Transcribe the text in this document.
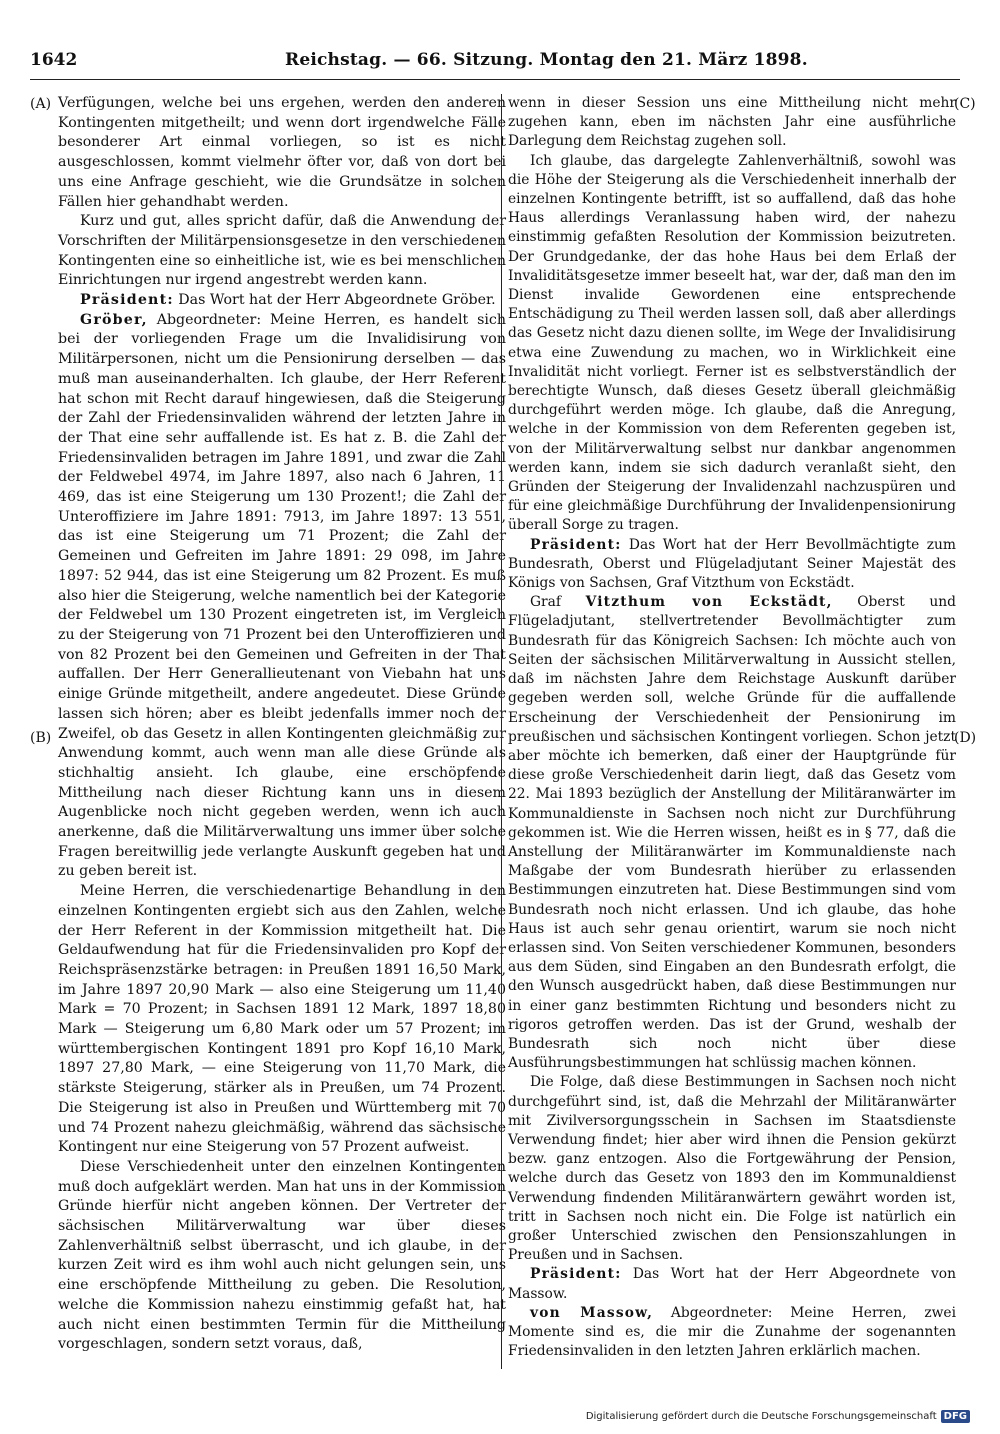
1642	Reichstag. — 66. Sitzung. Montag den 21. März 1898.
(A)
(B)
(C)
(D)

Verfügungen, welche bei uns ergehen, werden den anderen Kontingenten mitgetheilt; und wenn dort irgendwelche Fälle besonderer Art einmal vorliegen, so ist es nicht ausgeschlossen, kommt vielmehr öfter vor, daß von dort bei uns eine Anfrage geschieht, wie die Grundsätze in solchen Fällen hier gehandhabt werden.

Kurz und gut, alles spricht dafür, daß die Anwendung der Vorschriften der Militärpensionsgesetze in den verschiedenen Kontingenten eine so einheitliche ist, wie es bei menschlichen Einrichtungen nur irgend angestrebt werden kann.

Präsident: Das Wort hat der Herr Abgeordnete Gröber.

Gröber, Abgeordneter: Meine Herren, es handelt sich bei der vorliegenden Frage um die Invalidisirung von Militärpersonen, nicht um die Pensionirung derselben — das muß man auseinanderhalten. Ich glaube, der Herr Referent hat schon mit Recht darauf hingewiesen, daß die Steigerung der Zahl der Friedensinvaliden während der letzten Jahre in der That eine sehr auffallende ist. Es hat z. B. die Zahl der Friedensinvaliden betragen im Jahre 1891, und zwar die Zahl der Feldwebel 4974, im Jahre 1897, also nach 6 Jahren, 11 469, das ist eine Steigerung um 130 Prozent!; die Zahl der Unteroffiziere im Jahre 1891: 7913, im Jahre 1897: 13 551, das ist eine Steigerung um 71 Prozent; die Zahl der Gemeinen und Gefreiten im Jahre 1891: 29 098, im Jahre 1897: 52 944, das ist eine Steigerung um 82 Prozent. Es muß also hier die Steigerung, welche namentlich bei der Kategorie der Feldwebel um 130 Prozent eingetreten ist, im Vergleich zu der Steigerung von 71 Prozent bei den Unteroffizieren und von 82 Prozent bei den Gemeinen und Gefreiten in der That auffallen. Der Herr Generallieutenant von Viebahn hat uns einige Gründe mitgetheilt, andere angedeutet. Diese Gründe lassen sich hören; aber es bleibt jedenfalls immer noch der Zweifel, ob das Gesetz in allen Kontingenten gleichmäßig zur Anwendung kommt, auch wenn man alle diese Gründe als stichhaltig ansieht. Ich glaube, eine erschöpfende Mittheilung nach dieser Richtung kann uns in diesem Augenblicke noch nicht gegeben werden, wenn ich auch anerkenne, daß die Militärverwaltung uns immer über solche Fragen bereitwillig jede verlangte Auskunft gegeben hat und zu geben bereit ist.

Meine Herren, die verschiedenartige Behandlung in den einzelnen Kontingenten ergiebt sich aus den Zahlen, welche der Herr Referent in der Kommission mitgetheilt hat. Die Geldaufwendung hat für die Friedensinvaliden pro Kopf der Reichspräsenzstärke betragen: in Preußen 1891 16,50 Mark, im Jahre 1897 20,90 Mark — also eine Steigerung um 11,40 Mark = 70 Prozent; in Sachsen 1891 12 Mark, 1897 18,80 Mark — Steigerung um 6,80 Mark oder um 57 Prozent; im württembergischen Kontingent 1891 pro Kopf 16,10 Mark, 1897 27,80 Mark, — eine Steigerung von 11,70 Mark, die stärkste Steigerung, stärker als in Preußen, um 74 Prozent. Die Steigerung ist also in Preußen und Württemberg mit 70 und 74 Prozent nahezu gleichmäßig, während das sächsische Kontingent nur eine Steigerung von 57 Prozent aufweist.

Diese Verschiedenheit unter den einzelnen Kontingenten muß doch aufgeklärt werden. Man hat uns in der Kommission Gründe hierfür nicht angeben können. Der Vertreter der sächsischen Militärverwaltung war über dieses Zahlenverhältniß selbst überrascht, und ich glaube, in der kurzen Zeit wird es ihm wohl auch nicht gelungen sein, uns eine erschöpfende Mittheilung zu geben. Die Resolution, welche die Kommission nahezu einstimmig gefaßt hat, hat auch nicht einen bestimmten Termin für die Mittheilung vorgeschlagen, sondern setzt voraus, daß,

wenn in dieser Session uns eine Mittheilung nicht mehr zugehen kann, eben im nächsten Jahr eine ausführliche Darlegung dem Reichstag zugehen soll.

Ich glaube, das dargelegte Zahlenverhältniß, sowohl was die Höhe der Steigerung als die Verschiedenheit innerhalb der einzelnen Kontingente betrifft, ist so auffallend, daß das hohe Haus allerdings Veranlassung haben wird, der nahezu einstimmig gefaßten Resolution der Kommission beizutreten. Der Grundgedanke, der das hohe Haus bei dem Erlaß der Invaliditätsgesetze immer beseelt hat, war der, daß man den im Dienst invalide Gewordenen eine entsprechende Entschädigung zu Theil werden lassen soll, daß aber allerdings das Gesetz nicht dazu dienen sollte, im Wege der Invalidisirung etwa eine Zuwendung zu machen, wo in Wirklichkeit eine Invalidität nicht vorliegt. Ferner ist es selbstverständlich der berechtigte Wunsch, daß dieses Gesetz überall gleichmäßig durchgeführt werden möge. Ich glaube, daß die Anregung, welche in der Kommission von dem Referenten gegeben ist, von der Militärverwaltung selbst nur dankbar angenommen werden kann, indem sie sich dadurch veranlaßt sieht, den Gründen der Steigerung der Invalidenzahl nachzuspüren und für eine gleichmäßige Durchführung der Invalidenpensionirung überall Sorge zu tragen.

Präsident: Das Wort hat der Herr Bevollmächtigte zum Bundesrath, Oberst und Flügeladjutant Seiner Majestät des Königs von Sachsen, Graf Vitzthum von Eckstädt.

Graf Vitzthum von Eckstädt, Oberst und Flügeladjutant, stellvertretender Bevollmächtigter zum Bundesrath für das Königreich Sachsen: Ich möchte auch von Seiten der sächsischen Militärverwaltung in Aussicht stellen, daß im nächsten Jahre dem Reichstage Auskunft darüber gegeben werden soll, welche Gründe für die auffallende Erscheinung der Verschiedenheit der Pensionirung im preußischen und sächsischen Kontingent vorliegen. Schon jetzt aber möchte ich bemerken, daß einer der Hauptgründe für diese große Verschiedenheit darin liegt, daß das Gesetz vom 22. Mai 1893 bezüglich der Anstellung der Militäranwärter im Kommunaldienste in Sachsen noch nicht zur Durchführung gekommen ist. Wie die Herren wissen, heißt es in § 77, daß die Anstellung der Militäranwärter im Kommunaldienste nach Maßgabe der vom Bundesrath hierüber zu erlassenden Bestimmungen einzutreten hat. Diese Bestimmungen sind vom Bundesrath noch nicht erlassen. Und ich glaube, das hohe Haus ist auch sehr genau orientirt, warum sie noch nicht erlassen sind. Von Seiten verschiedener Kommunen, besonders aus dem Süden, sind Eingaben an den Bundesrath erfolgt, die den Wunsch ausgedrückt haben, daß diese Bestimmungen nur in einer ganz bestimmten Richtung und besonders nicht zu rigoros getroffen werden. Das ist der Grund, weshalb der Bundesrath sich noch nicht über diese Ausführungsbestimmungen hat schlüssig machen können.

Die Folge, daß diese Bestimmungen in Sachsen noch nicht durchgeführt sind, ist, daß die Mehrzahl der Militäranwärter mit Zivilversorgungsschein in Sachsen im Staatsdienste Verwendung findet; hier aber wird ihnen die Pension gekürzt bezw. ganz entzogen. Also die Fortgewährung der Pension, welche durch das Gesetz von 1893 den im Kommunaldienst Verwendung findenden Militäranwärtern gewährt worden ist, tritt in Sachsen noch nicht ein. Die Folge ist natürlich ein großer Unterschied zwischen den Pensionszahlungen in Preußen und in Sachsen.

Präsident: Das Wort hat der Herr Abgeordnete von Massow.

von Massow, Abgeordneter: Meine Herren, zwei Momente sind es, die mir die Zunahme der sogenannten Friedensinvaliden in den letzten Jahren erklärlich machen.

Digitalisierung gefördert durch die Deutsche Forschungsgemeinschaft DFG
